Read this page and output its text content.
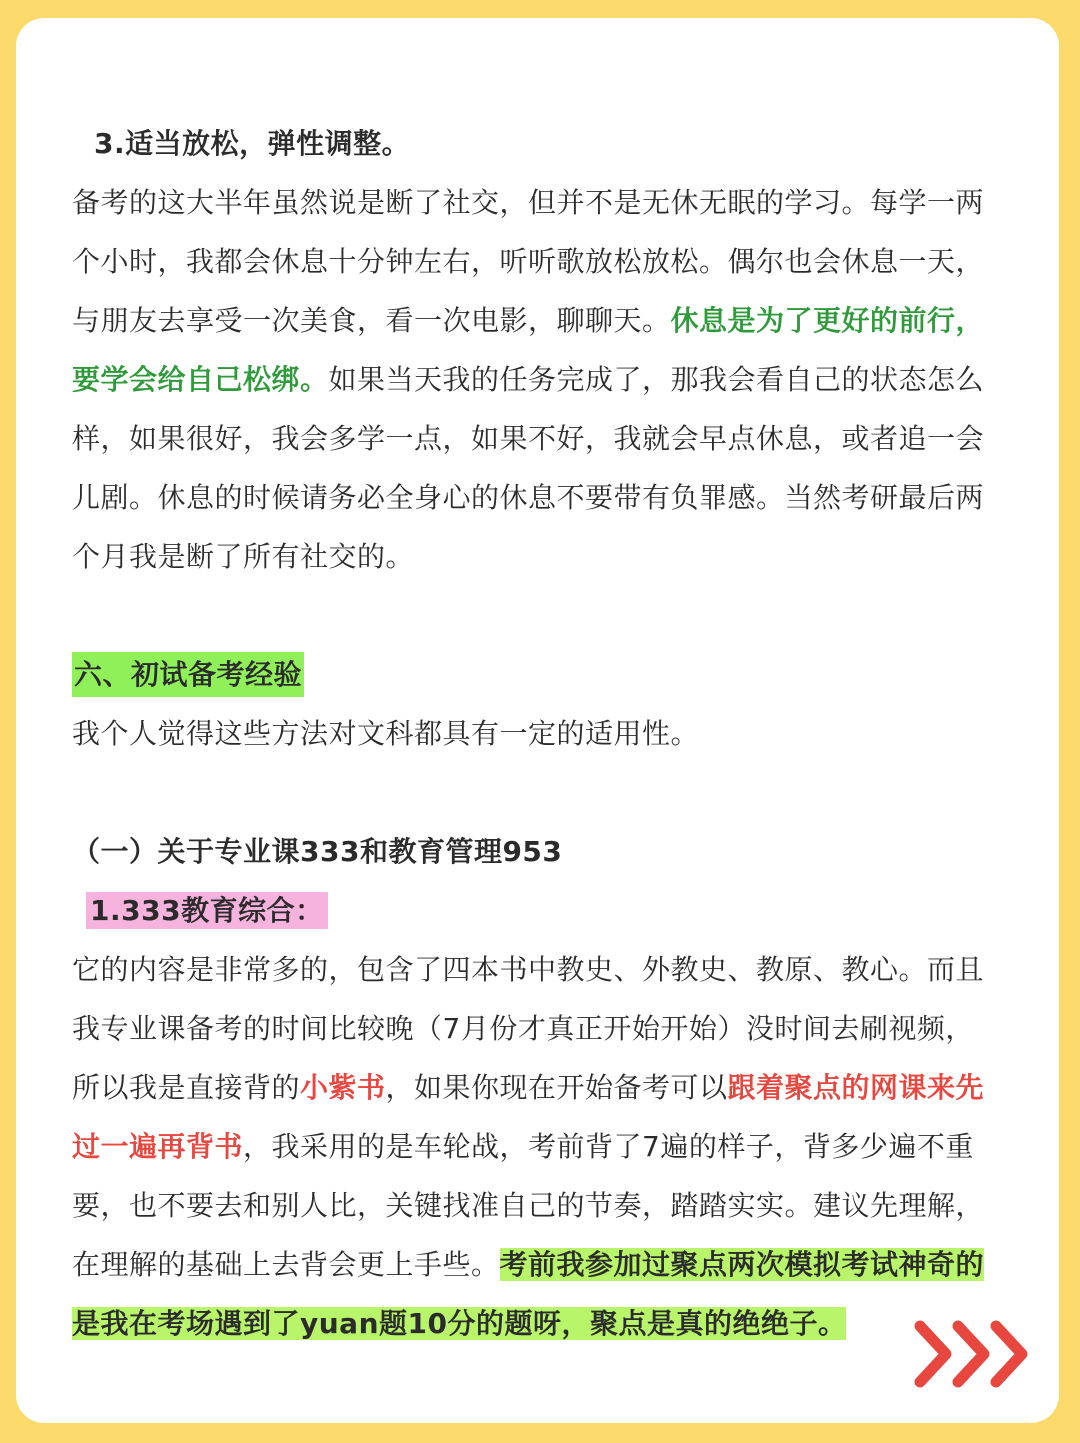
3.适当放松，弹性调整。
备考的这大半年虽然说是断了社交，但并不是无休无眠的学习。每学一两
个小时，我都会休息十分钟左右，听听歌放松放松。偶尔也会休息一天，
与朋友去享受一次美食，看一次电影，聊聊天。休息是为了更好的前行，
要学会给自己松绑。如果当天我的任务完成了，那我会看自己的状态怎么
样，如果很好，我会多学一点，如果不好，我就会早点休息，或者追一会
儿剧。休息的时候请务必全身心的休息不要带有负罪感。当然考研最后两
个月我是断了所有社交的。
六、初试备考经验
我个人觉得这些方法对文科都具有一定的适用性。
（一）关于专业课333和教育管理953
1.333教育综合：
它的内容是非常多的，包含了四本书中教史、外教史、教原、教心。而且
我专业课备考的时间比较晚（7月份才真正开始开始）没时间去刷视频，
所以我是直接背的小紫书，如果你现在开始备考可以跟着聚点的网课来先
过一遍再背书，我采用的是车轮战，考前背了7遍的样子，背多少遍不重
要，也不要去和别人比，关键找准自己的节奏，踏踏实实。建议先理解，
在理解的基础上去背会更上手些。考前我参加过聚点两次模拟考试神奇的
是我在考场遇到了yuan题10分的题呀，聚点是真的绝绝子。
